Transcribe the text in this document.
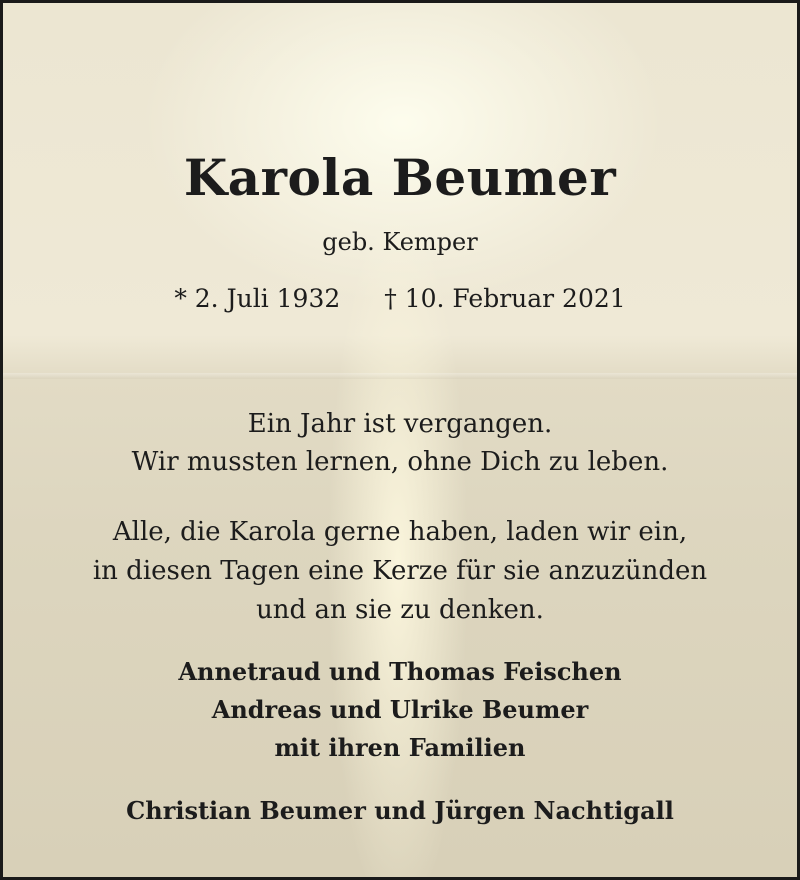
Karola Beumer
geb. Kemper
* 2. Juli 1932 † 10. Februar 2021
Ein Jahr ist vergangen.
Wir mussten lernen, ohne Dich zu leben.
Alle, die Karola gerne haben, laden wir ein,
in diesen Tagen eine Kerze für sie anzuzünden
und an sie zu denken.
Annetraud und Thomas Feischen
Andreas und Ulrike Beumer
mit ihren Familien
Christian Beumer und Jürgen Nachtigall
